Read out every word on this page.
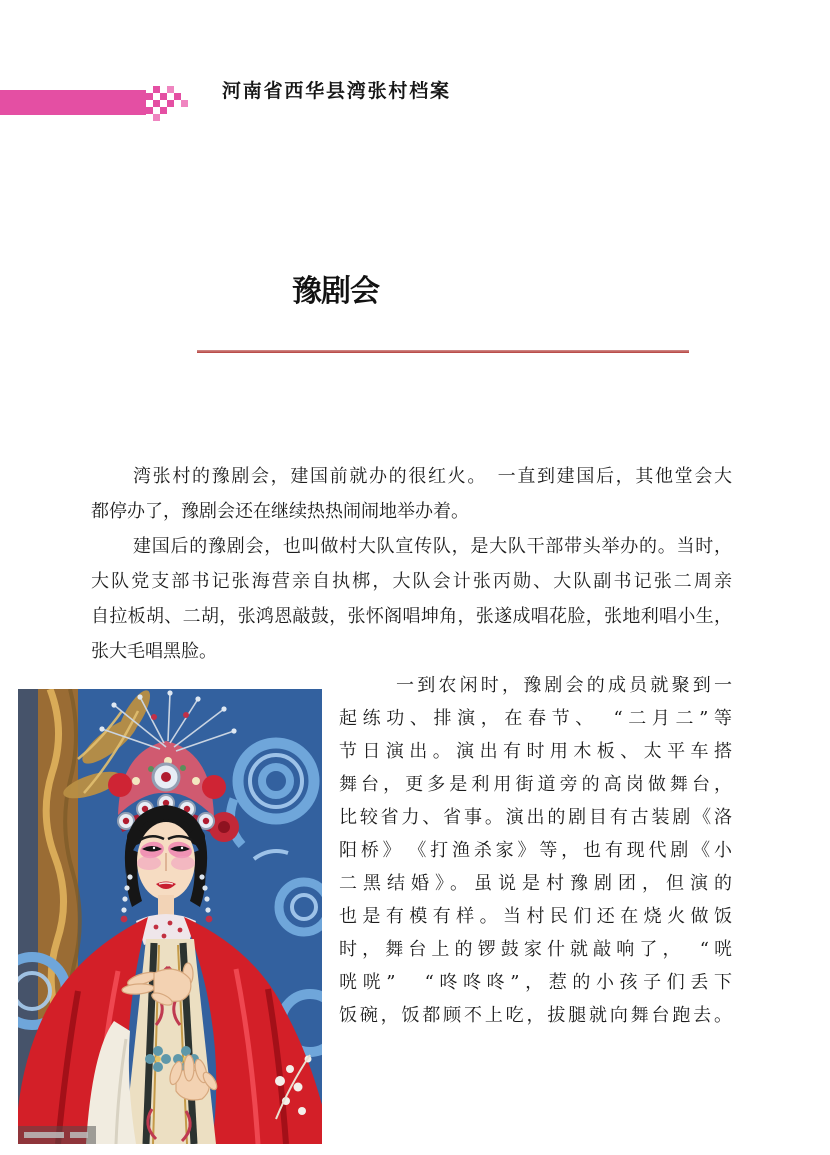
河南省西华县湾张村档案
豫剧会
湾张村的豫剧会，建国前就办的很红火。　一直到建国后，其他堂会大
都停办了，豫剧会还在继续热热闹闹地举办着。
建国后的豫剧会，也叫做村大队宣传队，是大队干部带头举办的。当时，
大队党支部书记张海营亲自执梆，大队会计张丙勋、大队副书记张二周亲
自拉板胡、二胡，张鸿恩敲鼓，张怀阁唱坤角，张遂成唱花脸，张地利唱小生，
张大毛唱黑脸。
一到农闲时，豫剧会的成员就聚到一
起练功、排演，在春节、　“二月二”等
节日演出。演出有时用木板、太平车搭
舞台，更多是利用街道旁的高岗做舞台，
比较省力、省事。演出的剧目有古装剧《洛
阳桥》　《打渔杀家》等，也有现代剧《小
二黑结婚》。虽说是村豫剧团，但演的
也是有模有样。当村民们还在烧火做饭
时，舞台上的锣鼓家什就敲响了，　“咣
咣咣”　“咚咚咚”，惹的小孩子们丢下
饭碗，饭都顾不上吃，拔腿就向舞台跑去。
